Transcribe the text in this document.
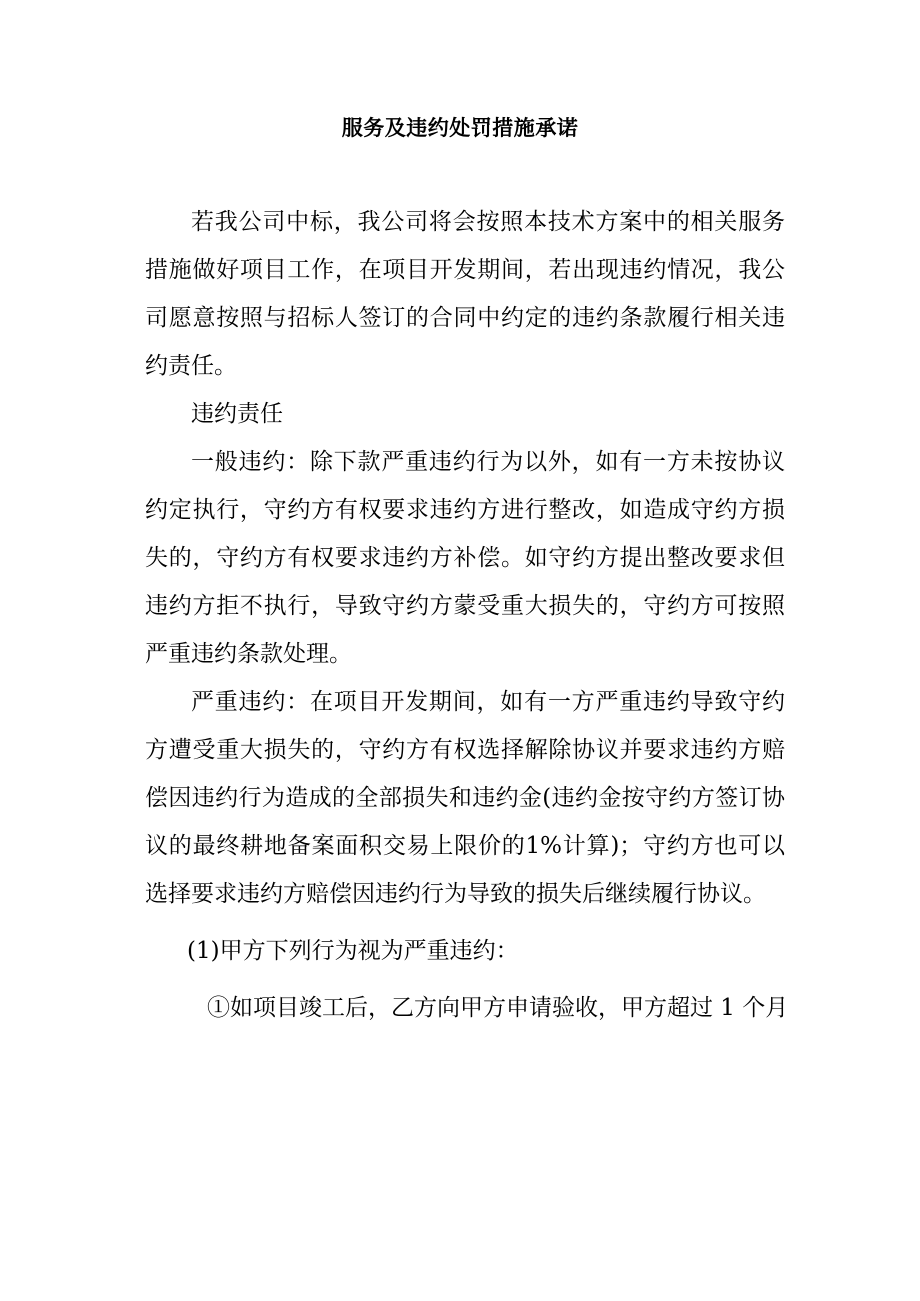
服务及违约处罚措施承诺

若我公司中标，我公司将会按照本技术方案中的相关服务措施做好项目工作，在项目开发期间，若出现违约情况，我公司愿意按照与招标人签订的合同中约定的违约条款履行相关违约责任。

违约责任

一般违约：除下款严重违约行为以外，如有一方未按协议约定执行，守约方有权要求违约方进行整改，如造成守约方损失的，守约方有权要求违约方补偿。如守约方提出整改要求但违约方拒不执行，导致守约方蒙受重大损失的，守约方可按照严重违约条款处理。

严重违约：在项目开发期间，如有一方严重违约导致守约方遭受重大损失的，守约方有权选择解除协议并要求违约方赔偿因违约行为造成的全部损失和违约金(违约金按守约方签订协议的最终耕地备案面积交易上限价的1%计算)；守约方也可以选择要求违约方赔偿因违约行为导致的损失后继续履行协议。

(1)甲方下列行为视为严重违约：

①如项目竣工后，乙方向甲方申请验收，甲方超过 1 个月
